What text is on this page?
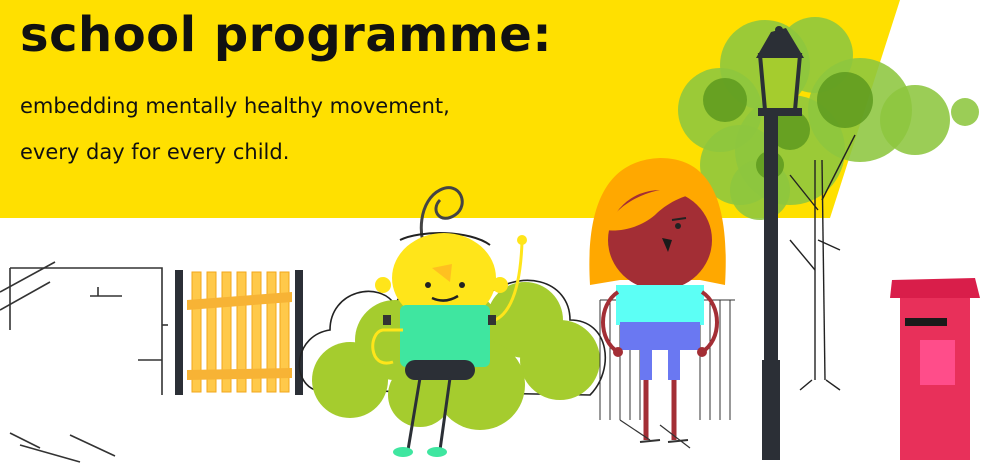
school programme:
embedding mentally healthy movement,
every day for every child.
